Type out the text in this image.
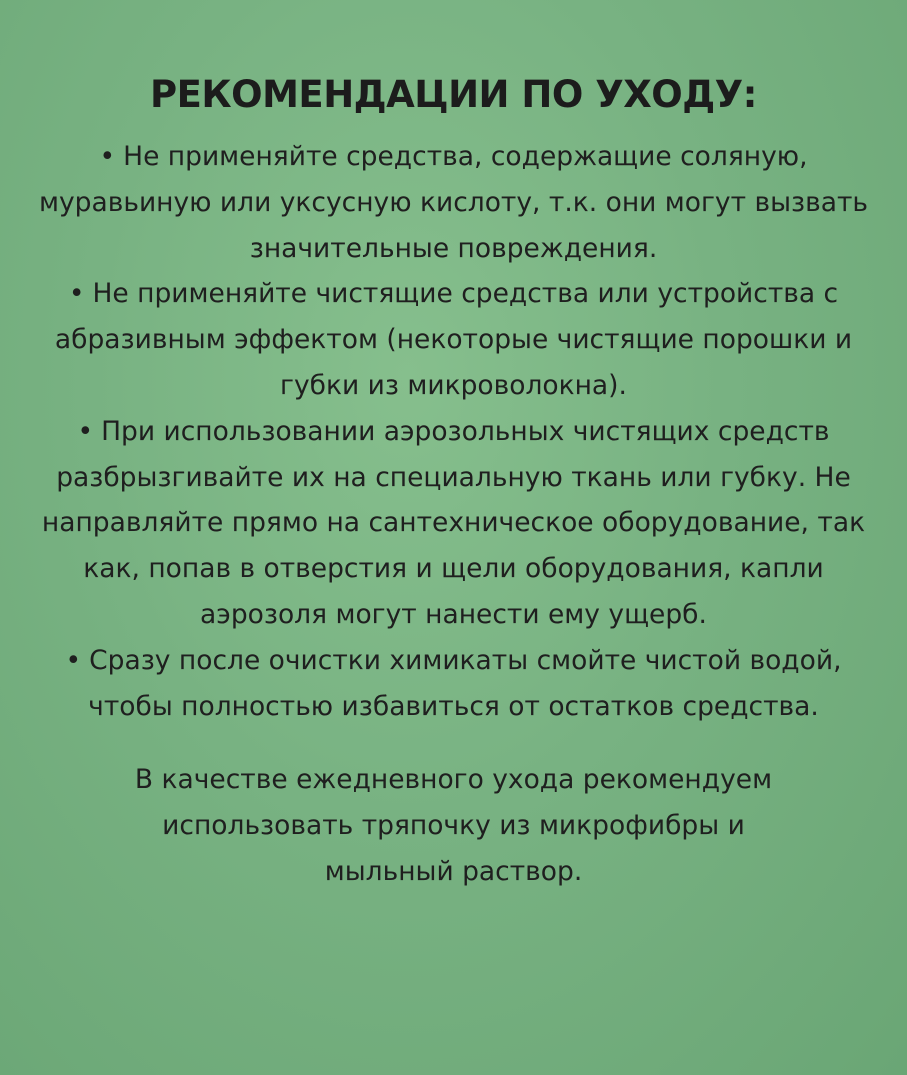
РЕКОМЕНДАЦИИ ПО УХОДУ:
• Не применяйте средства, содержащие соляную, муравьиную или уксусную кислоту, т.к. они могут вызвать значительные повреждения.
• Не применяйте чистящие средства или устройства с абразивным эффектом (некоторые чистящие порошки и губки из микроволокна).
• При использовании аэрозольных чистящих средств разбрызгивайте их на специальную ткань или губку. Не направляйте прямо на сантехническое оборудование, так как, попав в отверстия и щели оборудования, капли аэрозоля могут нанести ему ущерб.
• Сразу после очистки химикаты смойте чистой водой, чтобы полностью избавиться от остатков средства.

В качестве ежедневного ухода рекомендуем использовать тряпочку из микрофибры и мыльный раствор.
